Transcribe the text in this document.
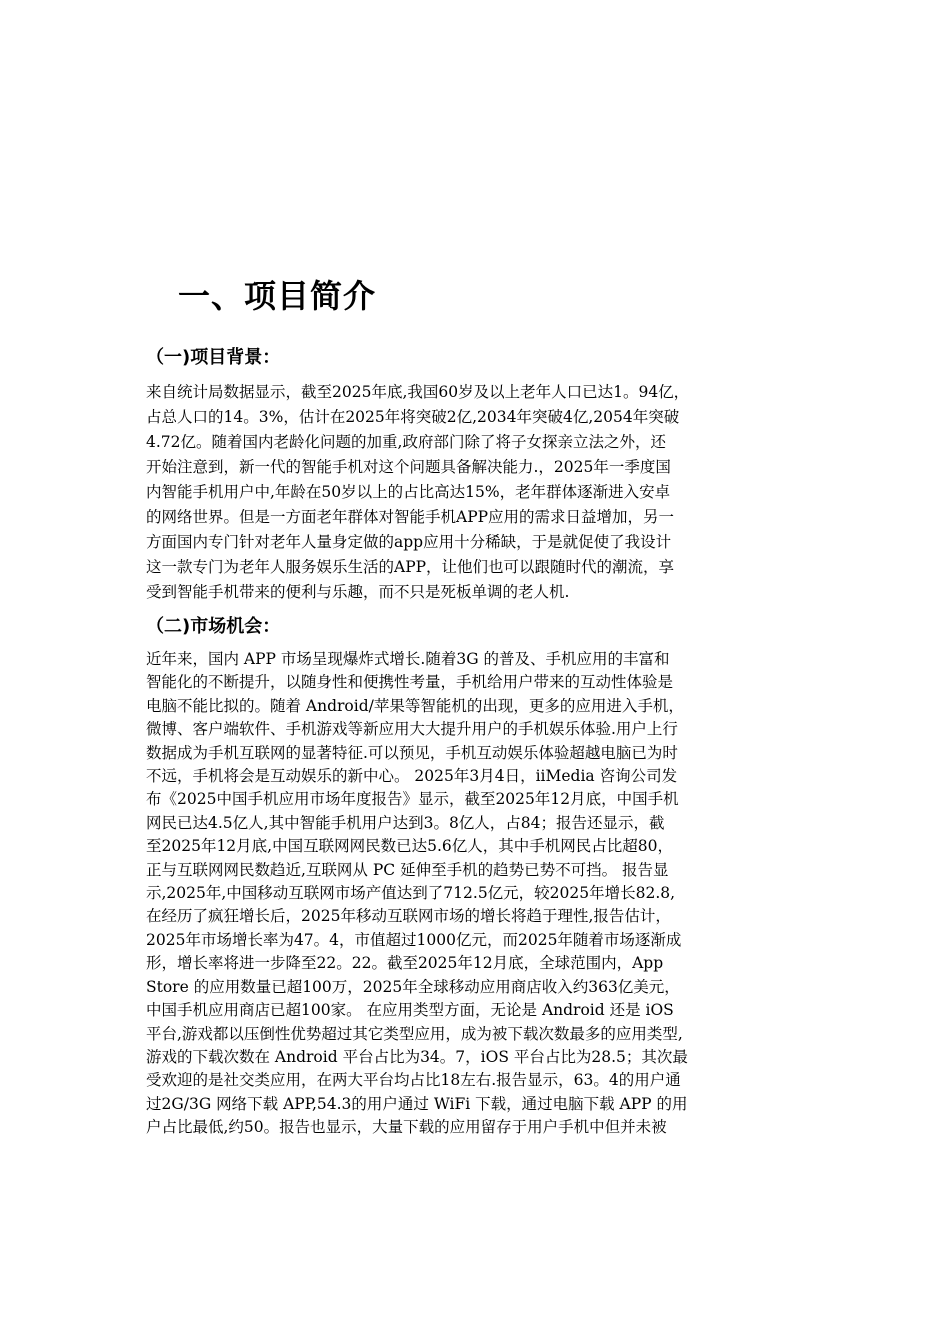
一、项目简介
（一)项目背景：
来自统计局数据显示，截至2025年底,我国60岁及以上老年人口已达1。94亿，
占总人口的14。3%，估计在2025年将突破2亿,2034年突破4亿,2054年突破
4.72亿。随着国内老龄化问题的加重,政府部门除了将子女探亲立法之外，还
开始注意到，新一代的智能手机对这个问题具备解决能力.，2025年一季度国
内智能手机用户中,年龄在50岁以上的占比高达15%，老年群体逐渐进入安卓
的网络世界。但是一方面老年群体对智能手机APP应用的需求日益增加，另一
方面国内专门针对老年人量身定做的app应用十分稀缺，于是就促使了我设计
这一款专门为老年人服务娱乐生活的APP，让他们也可以跟随时代的潮流，享
受到智能手机带来的便利与乐趣，而不只是死板单调的老人机.
（二)市场机会：
近年来，国内 APP 市场呈现爆炸式增长.随着3G 的普及、手机应用的丰富和
智能化的不断提升，以随身性和便携性考量，手机给用户带来的互动性体验是
电脑不能比拟的。随着 Android/苹果等智能机的出现，更多的应用进入手机，
微博、客户端软件、手机游戏等新应用大大提升用户的手机娱乐体验.用户上行
数据成为手机互联网的显著特征.可以预见，手机互动娱乐体验超越电脑已为时
不远，手机将会是互动娱乐的新中心。 2025年3月4日，iiMedia 咨询公司发
布《2025中国手机应用市场年度报告》显示，截至2025年12月底，中国手机
网民已达4.5亿人,其中智能手机用户达到3。8亿人，占84；报告还显示，截
至2025年12月底,中国互联网网民数已达5.6亿人，其中手机网民占比超80，
正与互联网网民数趋近,互联网从 PC 延伸至手机的趋势已势不可挡。 报告显
示,2025年,中国移动互联网市场产值达到了712.5亿元，较2025年增长82.8,
在经历了疯狂增长后，2025年移动互联网市场的增长将趋于理性,报告估计，
2025年市场增长率为47。4，市值超过1000亿元，而2025年随着市场逐渐成
形，增长率将进一步降至22。22。截至2025年12月底，全球范围内，App
Store 的应用数量已超100万，2025年全球移动应用商店收入约363亿美元，
中国手机应用商店已超100家。 在应用类型方面，无论是 Android 还是 iOS
平台,游戏都以压倒性优势超过其它类型应用，成为被下载次数最多的应用类型,
游戏的下载次数在 Android 平台占比为34。7，iOS 平台占比为28.5；其次最
受欢迎的是社交类应用，在两大平台均占比18左右.报告显示，63。4的用户通
过2G/3G 网络下载 APP,54.3的用户通过 WiFi 下载，通过电脑下载 APP 的用
户占比最低,约50。报告也显示，大量下载的应用留存于用户手机中但并未被
